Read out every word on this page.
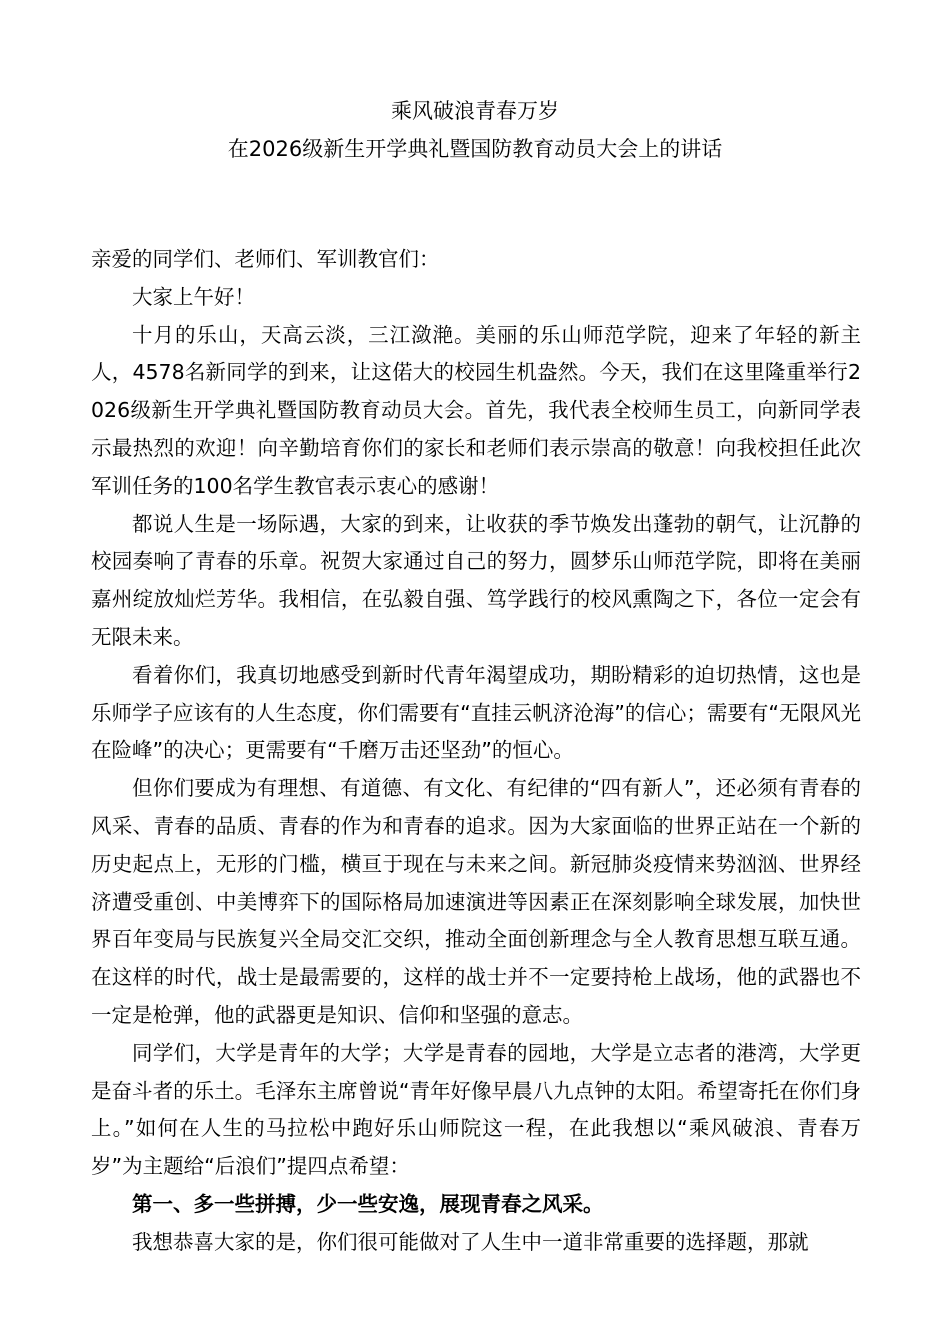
乘风破浪青春万岁
在2026级新生开学典礼暨国防教育动员大会上的讲话

亲爱的同学们、老师们、军训教官们：

大家上午好！

十月的乐山，天高云淡，三江潋滟。美丽的乐山师范学院，迎来了年轻的新主人，4578名新同学的到来，让这偌大的校园生机盎然。今天，我们在这里隆重举行2026级新生开学典礼暨国防教育动员大会。首先，我代表全校师生员工，向新同学表示最热烈的欢迎！向辛勤培育你们的家长和老师们表示崇高的敬意！向我校担任此次军训任务的100名学生教官表示衷心的感谢！

都说人生是一场际遇，大家的到来，让收获的季节焕发出蓬勃的朝气，让沉静的校园奏响了青春的乐章。祝贺大家通过自己的努力，圆梦乐山师范学院，即将在美丽嘉州绽放灿烂芳华。我相信，在弘毅自强、笃学践行的校风熏陶之下，各位一定会有无限未来。

看着你们，我真切地感受到新时代青年渴望成功，期盼精彩的迫切热情，这也是乐师学子应该有的人生态度，你们需要有“直挂云帆济沧海”的信心；需要有“无限风光在险峰”的决心；更需要有“千磨万击还坚劲”的恒心。

但你们要成为有理想、有道德、有文化、有纪律的“四有新人”，还必须有青春的风采、青春的品质、青春的作为和青春的追求。因为大家面临的世界正站在一个新的历史起点上，无形的门槛，横亘于现在与未来之间。新冠肺炎疫情来势汹汹、世界经济遭受重创、中美博弈下的国际格局加速演进等因素正在深刻影响全球发展，加快世界百年变局与民族复兴全局交汇交织，推动全面创新理念与全人教育思想互联互通。在这样的时代，战士是最需要的，这样的战士并不一定要持枪上战场，他的武器也不一定是枪弹，他的武器更是知识、信仰和坚强的意志。

同学们，大学是青年的大学；大学是青春的园地，大学是立志者的港湾，大学更是奋斗者的乐土。毛泽东主席曾说“青年好像早晨八九点钟的太阳。希望寄托在你们身上。”如何在人生的马拉松中跑好乐山师院这一程，在此我想以“乘风破浪、青春万岁”为主题给“后浪们”提四点希望：

第一、多一些拼搏，少一些安逸，展现青春之风采。

我想恭喜大家的是，你们很可能做对了人生中一道非常重要的选择题，那就
